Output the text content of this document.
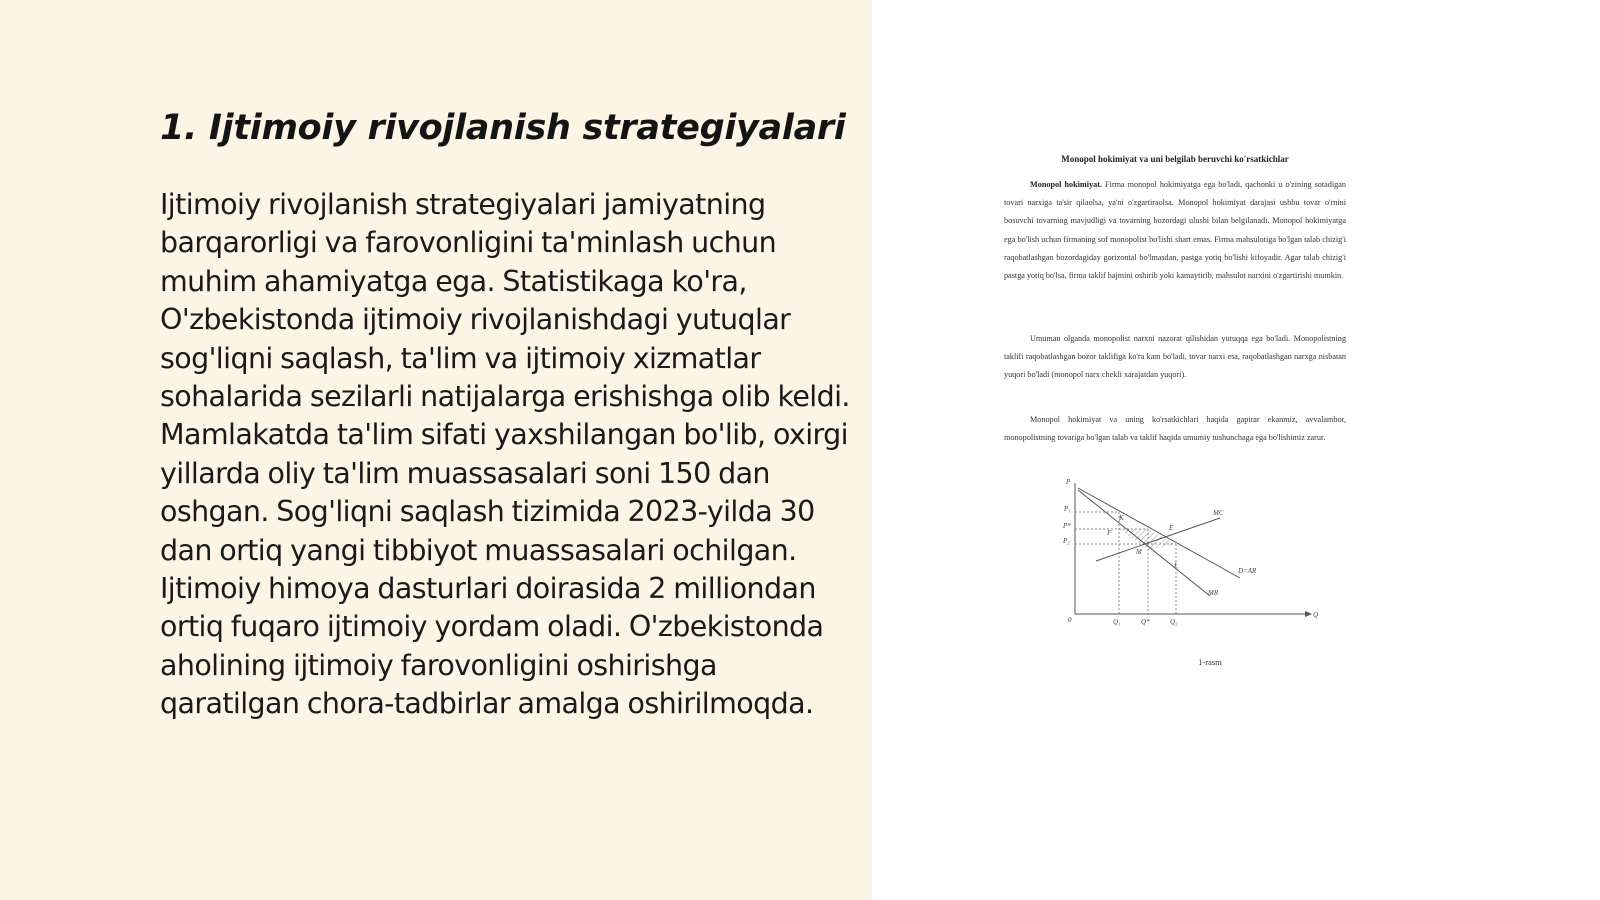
1. Ijtimoiy rivojlanish strategiyalari

Ijtimoiy rivojlanish strategiyalari jamiyatning barqarorligi va farovonligini ta'minlash uchun muhim ahamiyatga ega. Statistikaga ko'ra, O'zbekistonda ijtimoiy rivojlanishdagi yutuqlar sog'liqni saqlash, ta'lim va ijtimoiy xizmatlar sohalarida sezilarli natijalarga erishishga olib keldi. Mamlakatda ta'lim sifati yaxshilangan bo'lib, oxirgi yillarda oliy ta'lim muassasalari soni 150 dan oshgan. Sog'liqni saqlash tizimida 2023-yilda 30 dan ortiq yangi tibbiyot muassasalari ochilgan. Ijtimoiy himoya dasturlari doirasida 2 milliondan ortiq fuqaro ijtimoiy yordam oladi. O'zbekistonda aholining ijtimoiy farovonligini oshirishga qaratilgan chora-tadbirlar amalga oshirilmoqda.

Monopol hokimiyat va uni belgilab beruvchi ko'rsatkichlar

Monopol hokimiyat. Firma monopol hokimiyatga ega bo'ladi, qachonki u o'zining sotadigan tovari narxiga ta'sir qilaolsa, ya'ni o'zgartiraolsa. Monopol hokimiyat darajasi ushbu tovar o'rnini bosuvchi tovarning mavjudligi va tovarning bozordagi ulushi bilan belgilanadi. Monopol hokimiyatga ega bo'lish uchun firmaning sof monopolist bo'lishi shart emas. Firma mahsulotiga bo'lgan talab chizig'i raqobatlashgan bozordagiday gorizontal bo'lmasdan, pastga yotiq bo'lishi kifoyadir. Agar talab chizig'i pastga yotiq bo'lsa, firma taklif hajmini oshirib yoki kamaytirib, mahsulot narxini o'zgartirishi mumkin.

Umuman olganda monopolist narxni nazorat qilishidan yutuqqa ega bo'ladi. Monopolistning taklifi raqobatlashgan bozor taklifiga ko'ra kam bo'ladi, tovar narxi esa, raqobatlashgan narxga nisbatan yuqori bo'ladi (monopol narx chekli xarajatdan yuqori).

Monopol hokimiyat va uning ko'rsatkichlari haqida gapirar ekanmiz, avvalambor, monopolistning tovariga bo'lgan talab va taklif haqida umumiy tushunchaga ega bo'lishimiz zarur.

P
Q
0
P₁
P*
P₂
Q₁	Q*	Q₂
MC
D=AR
MR
K
E
F
M
L
1-rasm
